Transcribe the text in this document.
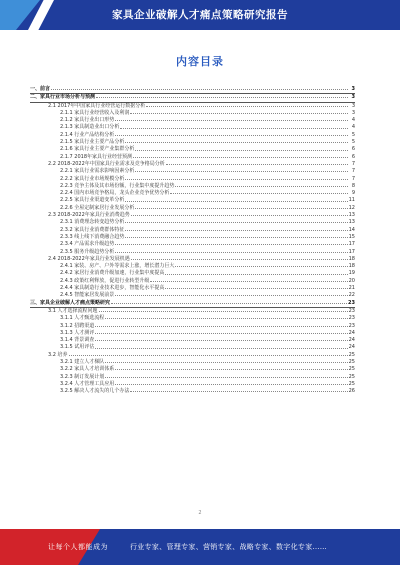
家具企业破解人才痛点策略研究报告
内容目录
一、前言	3
二、家具行业市场分析与预测	3
2.1 2017年中国家具行业经营运行数据分析	3
2.1.1 家具行业经营收入及利润	3
2.1.2 家具行业出口形势	4
2.1.3 家具制造业出口分析	4
2.1.4 行业产品结构分析	5
2.1.5 家具行业主要产品分析	5
2.1.6 家具行业主要产业集群分析	6
2.1.7 2018年家具行业经营预测	6
2.2 2018-2022年中国家具行业需求及竞争格局分析	7
2.2.1 家具行业需求影响因素分析	7
2.2.2 家具行业市场规模分析	7
2.2.3 竞争主体及其市场份额，行业集中度提升趋势	8
2.2.4 国内市场竞争格局，龙头企业竞争优势分析	9
2.2.5 家具行业渠道变革分析	11
2.2.6 全屋定制家居行业发展分析	12
2.3 2018-2022年家具行业消费趋势	13
2.3.1 消费理念转变趋势分析	13
2.3.2 家具行业消费群体特征	14
2.3.3 线上线下消费融合趋势	15
2.3.4 产品需求升级趋势	17
2.3.5 服务升级趋势分析	17
2.4 2018-2022年家具行业发展机遇	18
2.4.1 家装、房产、户外等需求上涨，增长潜力巨大	18
2.4.2 家居行业消费升级加速，行业集中度提高	19
2.4.3 政策红利释放，促进行业转型升级	20
2.4.4 家具制造行业技术进步，智能化水平提高	21
2.4.5 智能家居发展前景	22
三、家具企业破解人才痛点策略研究	23
3.1 人才选择流程问题	23
3.1.1 人才甄选流程	23
3.1.2 招聘渠道	23
3.1.3 人才测评	24
3.1.4 背景调查	24
3.1.5 试用评估	24
3.2 培养	25
3.2.1 建立人才梯队	25
3.2.2 家具人才培训体系	25
3.2.3 制订发展计划	25
3.2.4 人才管理工具应用	25
3.2.5 解决人才流失的几个办法	26
2
让每个人都能成为	行业专家、管理专家、营销专家、战略专家、数字化专家……
